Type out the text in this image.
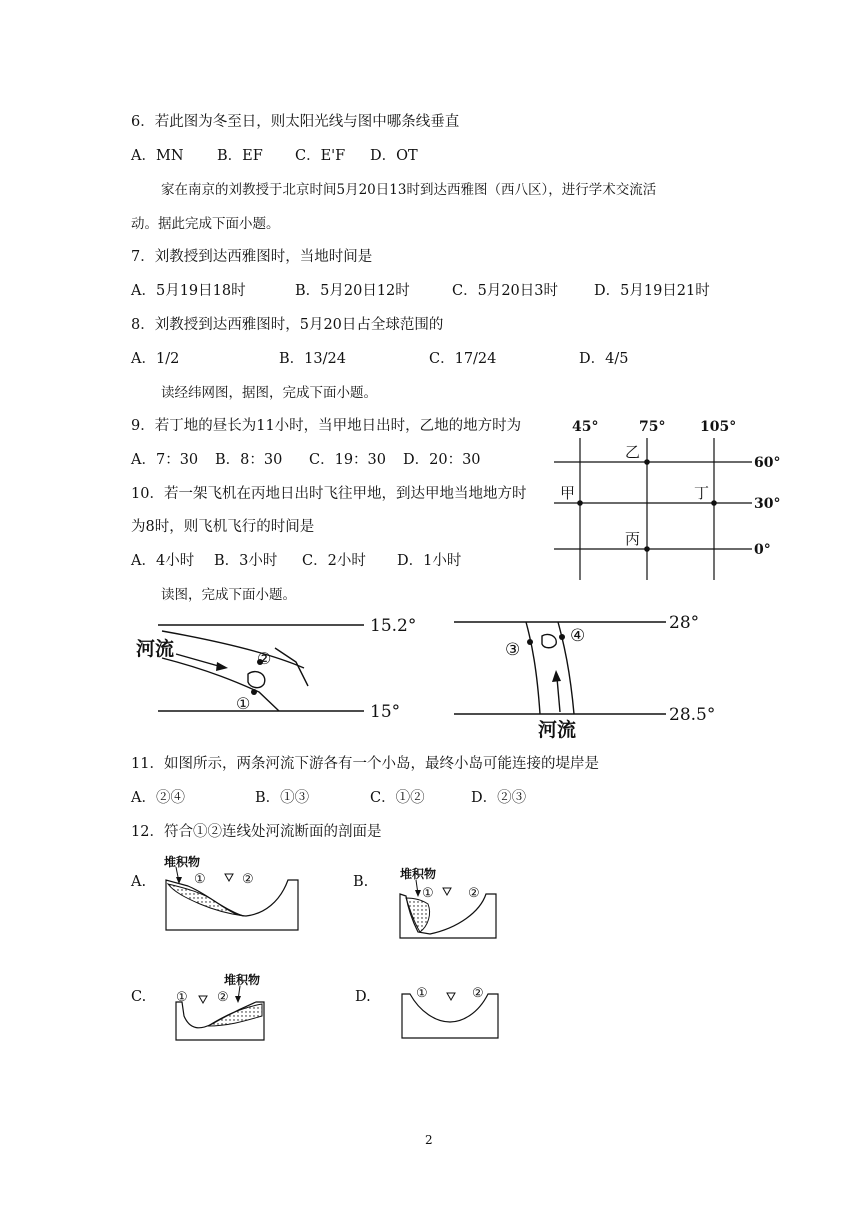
6．若此图为冬至日，则太阳光线与图中哪条线垂直
A．MN B．EF C．E'F D．OT
家在南京的刘教授于北京时间5月20日13时到达西雅图（西八区），进行学术交流活
动。据此完成下面小题。
7．刘教授到达西雅图时，当地时间是
A．5月19日18时	B．5月20日12时	C．5月20日3时 D．5月19日21时
8．刘教授到达西雅图时，5月20日占全球范围的
A．1/2	B．13/24	C．17/24	D．4/5
读经纬网图，据图，完成下面小题。
9．若丁地的昼长为11小时，当甲地日出时，乙地的地方时为
A．7：30 B．8：30 C．19：30 D．20：30
10．若一架飞机在丙地日出时飞往甲地，到达甲地当地地方时
为8时，则飞机飞行的时间是
A．4小时 B．3小时 C．2小时 D．1小时
45°	75° 105°
60°
30°
0°
甲
乙
丙
丁
读图，完成下面小题。
河流
15.2°
15°
②
①
28°
28.5°
河流
③
④
11．如图所示，两条河流下游各有一个小岛，最终小岛可能连接的堤岸是
A．②④	B．①③	C．①②	D．②③
12．符合①②连线处河流断面的剖面是
A.	B.
C.	D.
堆积物
①	②	堆积物
①	②
堆积物
① ②	①	②
2
